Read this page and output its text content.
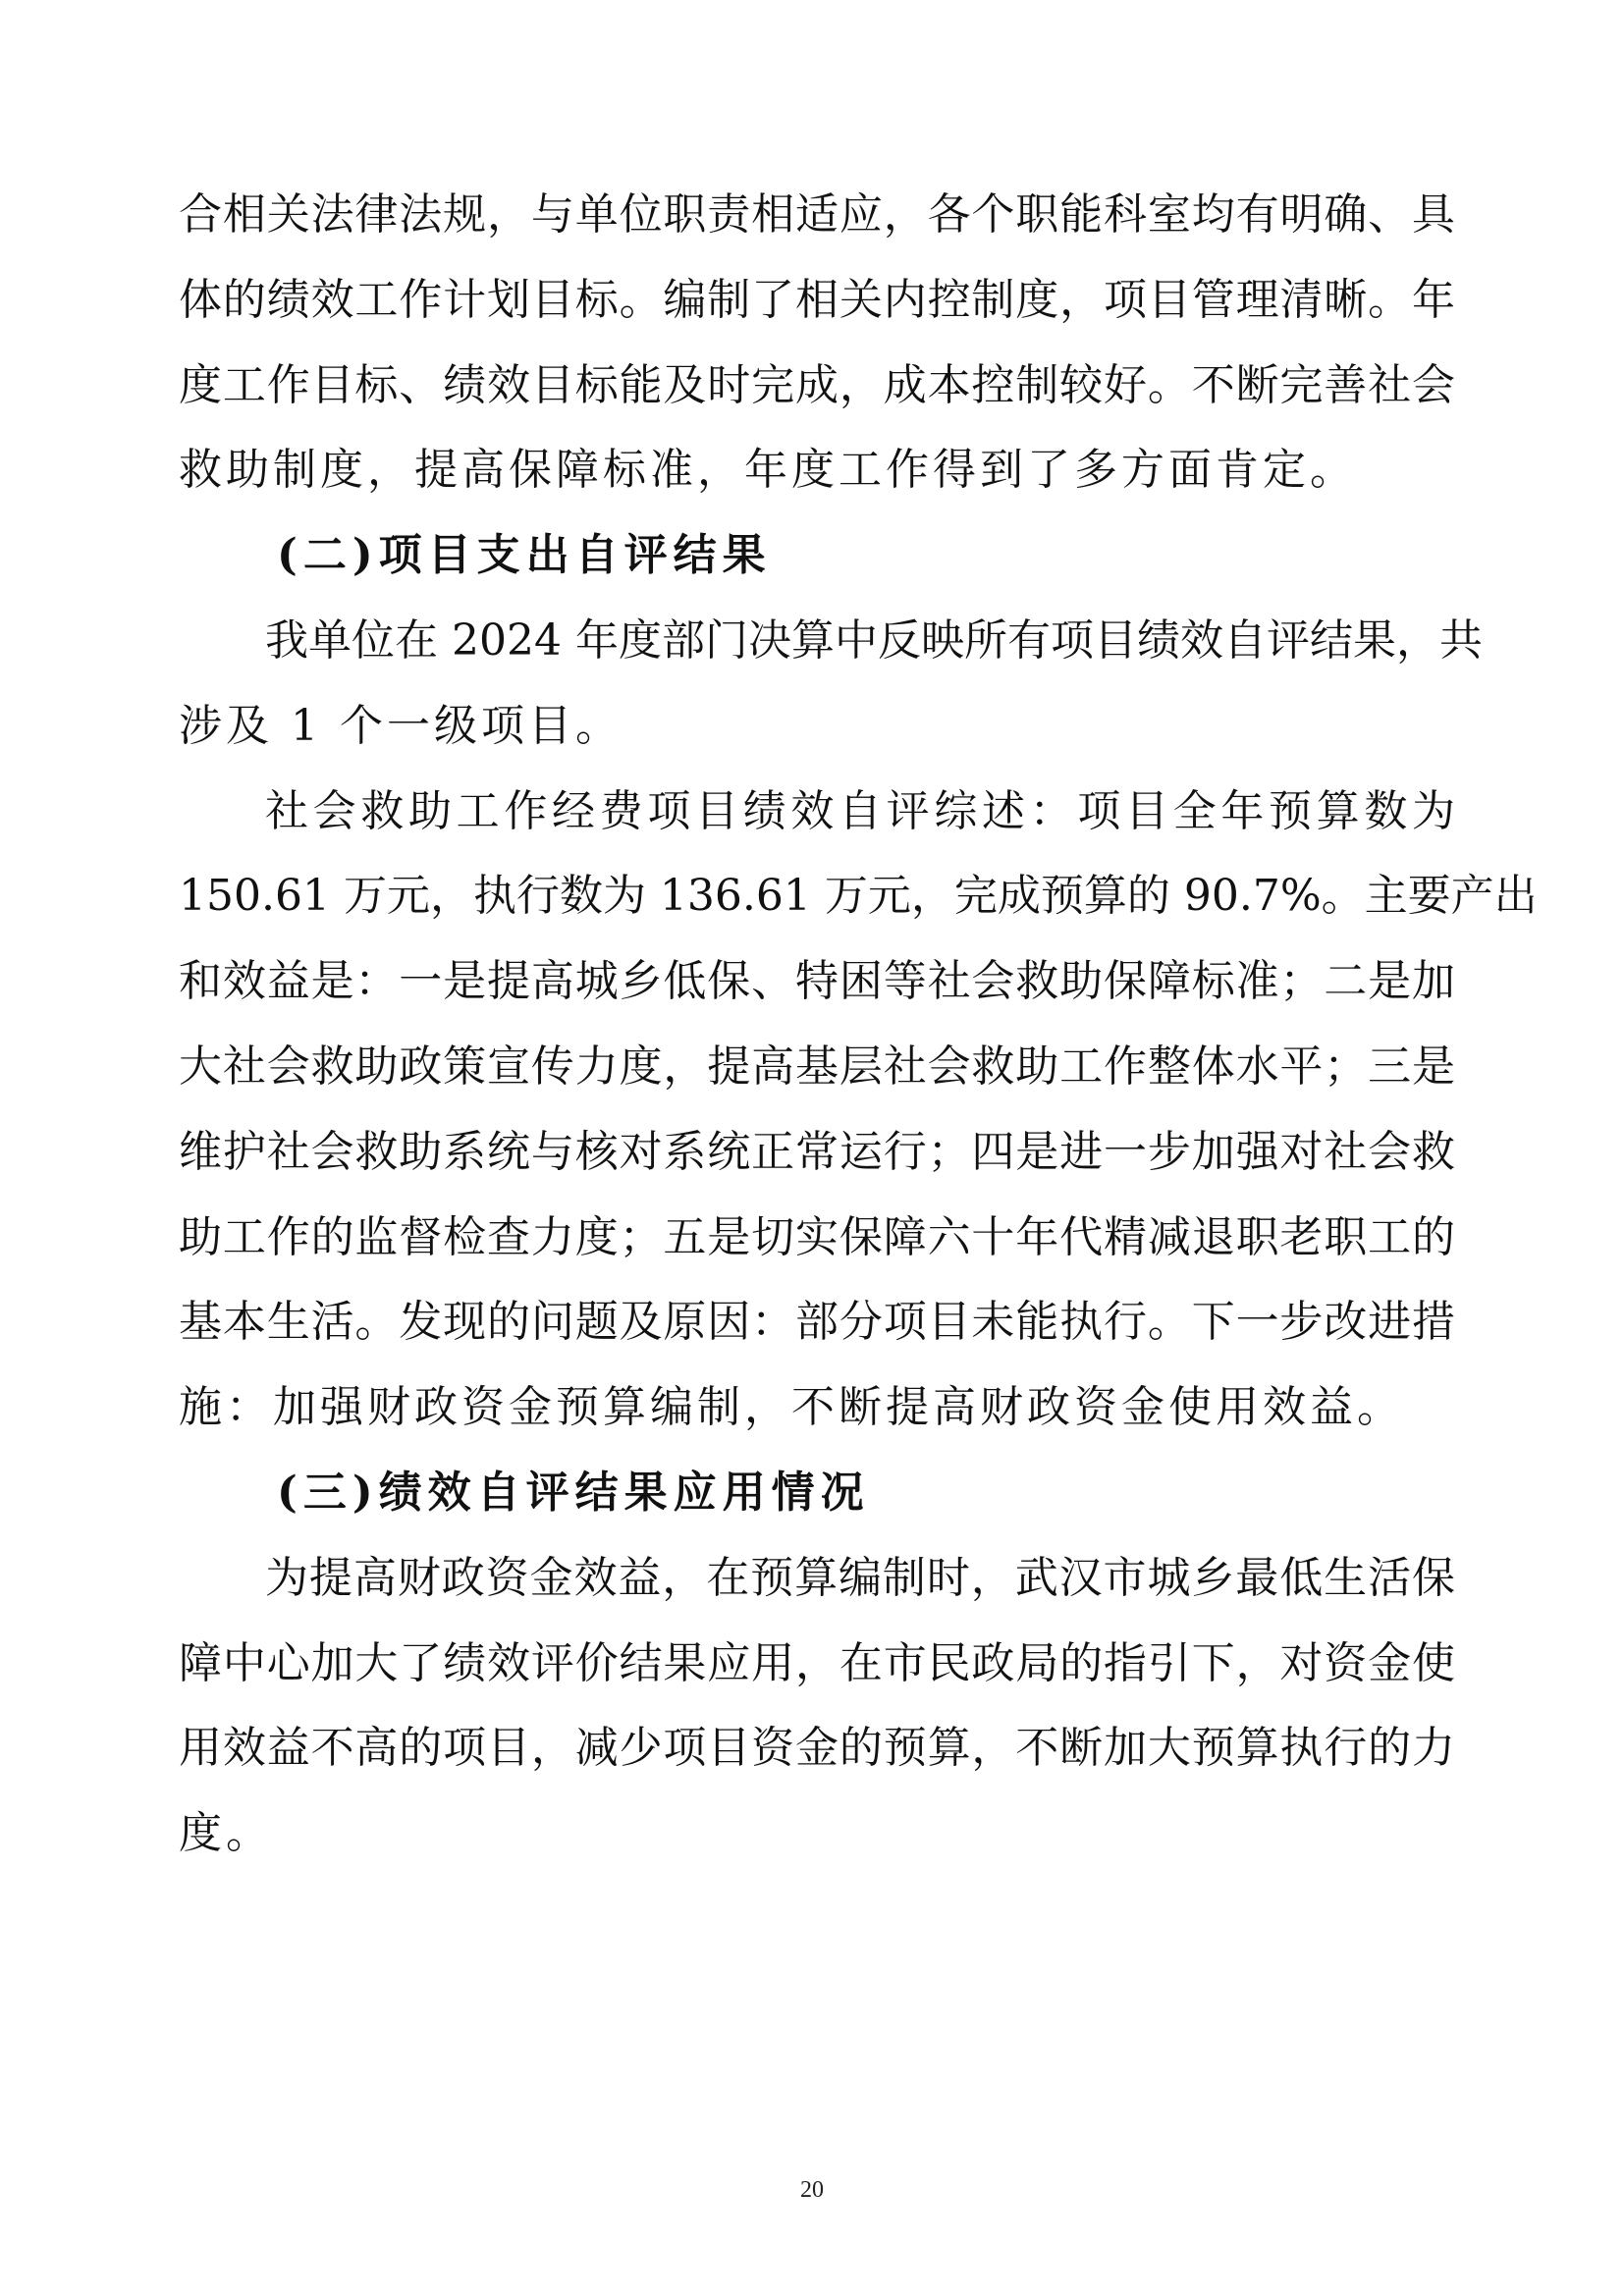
合相关法律法规，与单位职责相适应，各个职能科室均有明确、具
体的绩效工作计划目标。编制了相关内控制度，项目管理清晰。年
度工作目标、绩效目标能及时完成，成本控制较好。不断完善社会
救助制度，提高保障标准，年度工作得到了多方面肯定。
(二)项目支出自评结果
我单位在 2024 年度部门决算中反映所有项目绩效自评结果，共
涉及 1 个一级项目。
社会救助工作经费项目绩效自评综述：项目全年预算数为
150.61 万元，执行数为 136.61 万元，完成预算的 90.7%。主要产出
和效益是：一是提高城乡低保、特困等社会救助保障标准；二是加
大社会救助政策宣传力度，提高基层社会救助工作整体水平；三是
维护社会救助系统与核对系统正常运行；四是进一步加强对社会救
助工作的监督检查力度；五是切实保障六十年代精减退职老职工的
基本生活。发现的问题及原因：部分项目未能执行。下一步改进措
施：加强财政资金预算编制，不断提高财政资金使用效益。
(三)绩效自评结果应用情况
为提高财政资金效益，在预算编制时，武汉市城乡最低生活保
障中心加大了绩效评价结果应用，在市民政局的指引下，对资金使
用效益不高的项目，减少项目资金的预算，不断加大预算执行的力
度。
20
